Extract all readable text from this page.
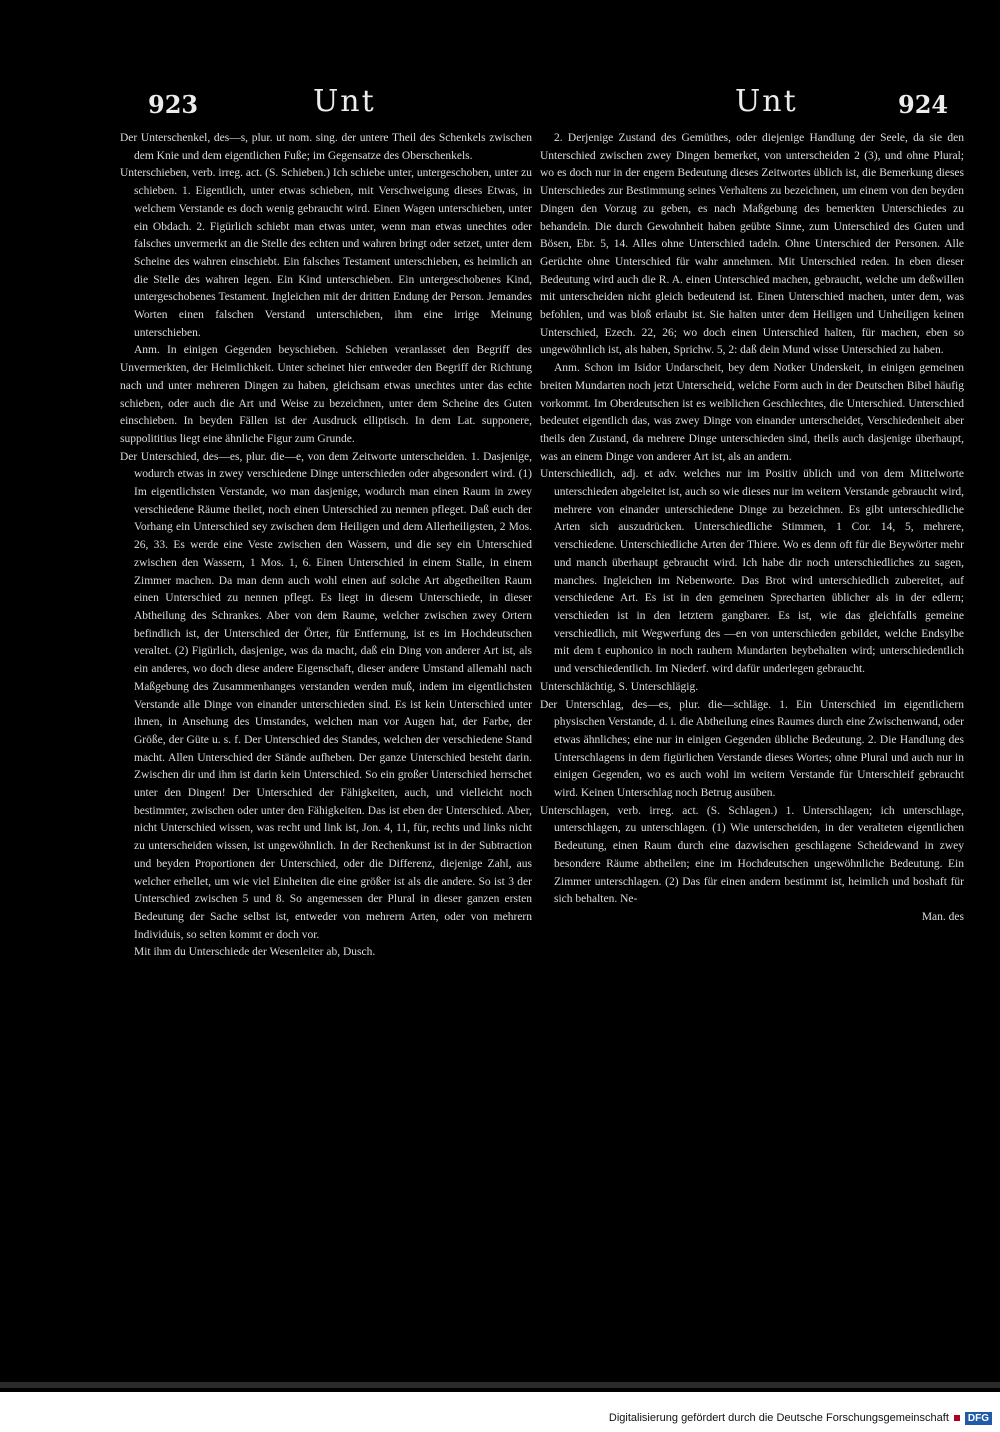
923	Unt	Unt	924

Der Unterschenkel, des—s, plur. ut nom. sing. der untere Theil des Schenkels zwischen dem Knie und dem eigentlichen Fuße; im Gegensatze des Oberschenkels.

Unterschieben, verb. irreg. act. (S. Schieben.) Ich schiebe unter, untergeschoben, unter zu schieben. 1. Eigentlich, unter etwas schieben, mit Verschweigung dieses Etwas, in welchem Verstande es doch wenig gebraucht wird. Einen Wagen unterschieben, unter ein Obdach. 2. Figürlich schiebt man etwas unter, wenn man etwas unechtes oder falsches unvermerkt an die Stelle des echten und wahren bringt oder setzet, unter dem Scheine des wahren einschiebt. Ein falsches Testament unterschieben, es heimlich an die Stelle des wahren legen. Ein Kind unterschieben. Ein untergeschobenes Kind, untergeschobenes Testament. Ingleichen mit der dritten Endung der Person. Jemandes Worten einen falschen Verstand unterschieben, ihm eine irrige Meinung unterschieben.

Anm. In einigen Gegenden beyschieben. Schieben veranlasset den Begriff des Unvermerkten, der Heimlichkeit. Unter scheinet hier entweder den Begriff der Richtung nach und unter mehreren Dingen zu haben, gleichsam etwas unechtes unter das echte schieben, oder auch die Art und Weise zu bezeichnen, unter dem Scheine des Guten einschieben. In beyden Fällen ist der Ausdruck elliptisch. In dem Lat. supponere, suppolititius liegt eine ähnliche Figur zum Grunde.

Der Unterschied, des—es, plur. die—e, von dem Zeitworte unterscheiden. 1. Dasjenige, wodurch etwas in zwey verschiedene Dinge unterschieden oder abgesondert wird. (1) Im eigentlichsten Verstande, wo man dasjenige, wodurch man einen Raum in zwey verschiedene Räume theilet, noch einen Unterschied zu nennen pfleget. Daß euch der Vorhang ein Unterschied sey zwischen dem Heiligen und dem Allerheiligsten, 2 Mos. 26, 33. Es werde eine Veste zwischen den Wassern, und die sey ein Unterschied zwischen den Wassern, 1 Mos. 1, 6. Einen Unterschied in einem Stalle, in einem Zimmer machen. Da man denn auch wohl einen auf solche Art abgetheilten Raum einen Unterschied zu nennen pflegt. Es liegt in diesem Unterschiede, in dieser Abtheilung des Schrankes. Aber von dem Raume, welcher zwischen zwey Ortern befindlich ist, der Unterschied der Örter, für Entfernung, ist es im Hochdeutschen veraltet. (2) Figürlich, dasjenige, was da macht, daß ein Ding von anderer Art ist, als ein anderes, wo doch diese andere Eigenschaft, dieser andere Umstand allemahl nach Maßgebung des Zusammenhanges verstanden werden muß, indem im eigentlichsten Verstande alle Dinge von einander unterschieden sind. Es ist kein Unterschied unter ihnen, in Ansehung des Umstandes, welchen man vor Augen hat, der Farbe, der Größe, der Güte u. s. f. Der Unterschied des Standes, welchen der verschiedene Stand macht. Allen Unterschied der Stände aufheben. Der ganze Unterschied besteht darin. Zwischen dir und ihm ist darin kein Unterschied. So ein großer Unterschied herrschet unter den Dingen! Der Unterschied der Fähigkeiten, auch, und vielleicht noch bestimmter, zwischen oder unter den Fähigkeiten. Das ist eben der Unterschied. Aber, nicht Unterschied wissen, was recht und link ist, Jon. 4, 11, für, rechts und links nicht zu unterscheiden wissen, ist ungewöhnlich. In der Rechenkunst ist in der Subtraction und beyden Proportionen der Unterschied, oder die Differenz, diejenige Zahl, aus welcher erhellet, um wie viel Einheiten die eine größer ist als die andere. So ist 3 der Unterschied zwischen 5 und 8. So angemessen der Plural in dieser ganzen ersten Bedeutung der Sache selbst ist, entweder von mehrern Arten, oder von mehrern Individuis, so selten kommt er doch vor.

Mit ihm du Unterschiede der Wesenleiter ab, Dusch.

2. Derjenige Zustand des Gemüthes, oder diejenige Handlung der Seele, da sie den Unterschied zwischen zwey Dingen bemerket, von unterscheiden 2 (3), und ohne Plural; wo es doch nur in der engern Bedeutung dieses Zeitwortes üblich ist, die Bemerkung dieses Unterschiedes zur Bestimmung seines Verhaltens zu bezeichnen, um einem von den beyden Dingen den Vorzug zu geben, es nach Maßgebung des bemerkten Unterschiedes zu behandeln. Die durch Gewohnheit haben geübte Sinne, zum Unterschied des Guten und Bösen, Ebr. 5, 14. Alles ohne Unterschied tadeln. Ohne Unterschied der Personen. Alle Gerüchte ohne Unterschied für wahr annehmen. Mit Unterschied reden. In eben dieser Bedeutung wird auch die R. A. einen Unterschied machen, gebraucht, welche um deßwillen mit unterscheiden nicht gleich bedeutend ist. Einen Unterschied machen, unter dem, was befohlen, und was bloß erlaubt ist. Sie halten unter dem Heiligen und Unheiligen keinen Unterschied, Ezech. 22, 26; wo doch einen Unterschied halten, für machen, eben so ungewöhnlich ist, als haben, Sprichw. 5, 2: daß dein Mund wisse Unterschied zu haben.

Anm. Schon im Isidor Undarscheit, bey dem Notker Underskeit, in einigen gemeinen breiten Mundarten noch jetzt Unterscheid, welche Form auch in der Deutschen Bibel häufig vorkommt. Im Oberdeutschen ist es weiblichen Geschlechtes, die Unterschied. Unterschied bedeutet eigentlich das, was zwey Dinge von einander unterscheidet, Verschiedenheit aber theils den Zustand, da mehrere Dinge unterschieden sind, theils auch dasjenige überhaupt, was an einem Dinge von anderer Art ist, als an andern.

Unterschiedlich, adj. et adv. welches nur im Positiv üblich und von dem Mittelworte unterschieden abgeleitet ist, auch so wie dieses nur im weitern Verstande gebraucht wird, mehrere von einander unterschiedene Dinge zu bezeichnen. Es gibt unterschiedliche Arten sich auszudrücken. Unterschiedliche Stimmen, 1 Cor. 14, 5, mehrere, verschiedene. Unterschiedliche Arten der Thiere. Wo es denn oft für die Beywörter mehr und manch überhaupt gebraucht wird. Ich habe dir noch unterschiedliches zu sagen, manches. Ingleichen im Nebenworte. Das Brot wird unterschiedlich zubereitet, auf verschiedene Art. Es ist in den gemeinen Sprecharten üblicher als in der edlern; verschieden ist in den letztern gangbarer. Es ist, wie das gleichfalls gemeine verschiedlich, mit Wegwerfung des —en von unterschieden gebildet, welche Endsylbe mit dem t euphonico in noch rauhern Mundarten beybehalten wird; unterschiedentlich und verschiedentlich. Im Niederf. wird dafür underlegen gebraucht.

Unterschlächtig, S. Unterschlägig.

Der Unterschlag, des—es, plur. die—schläge. 1. Ein Unterschied im eigentlichern physischen Verstande, d. i. die Abtheilung eines Raumes durch eine Zwischenwand, oder etwas ähnliches; eine nur in einigen Gegenden übliche Bedeutung. 2. Die Handlung des Unterschlagens in dem figürlichen Verstande dieses Wortes; ohne Plural und auch nur in einigen Gegenden, wo es auch wohl im weitern Verstande für Unterschleif gebraucht wird. Keinen Unterschlag noch Betrug ausüben.

Unterschlagen, verb. irreg. act. (S. Schlagen.) 1. Unterschlagen; ich unterschlage, unterschlagen, zu unterschlagen. (1) Wie unterscheiden, in der veralteten eigentlichen Bedeutung, einen Raum durch eine dazwischen geschlagene Scheidewand in zwey besondere Räume abtheilen; eine im Hochdeutschen ungewöhnliche Bedeutung. Ein Zimmer unterschlagen. (2) Das für einen andern bestimmt ist, heimlich und boshaft für sich behalten. Ne-

Man. des

Digitalisierung gefördert durch die Deutsche Forschungsgemeinschaft	DFG
